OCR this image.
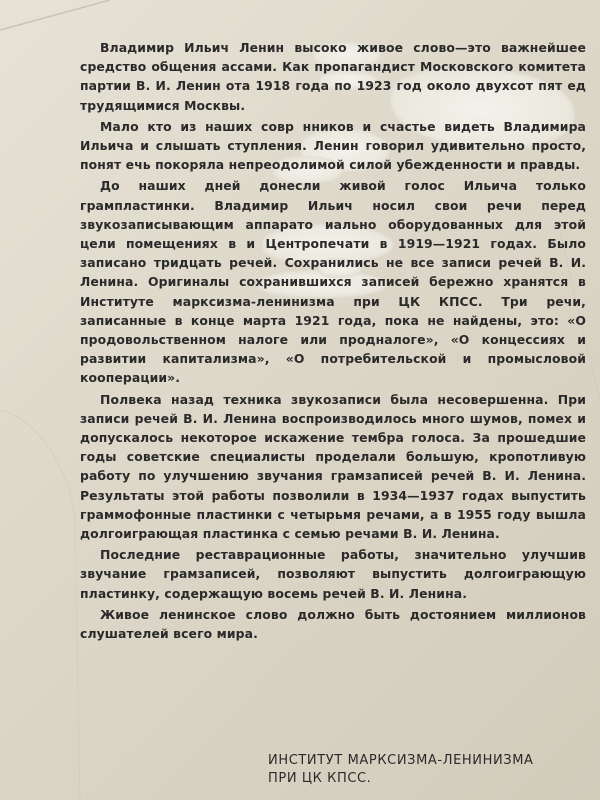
Владимир Ильич Ленин высоко живое слово—это важнейшее средство общения ассами. Как пропагандист Московского комитета партии В. И. Ленин ота 1918 года по 1923 год около двухсот пят ед трудящимися Москвы.

Мало кто из наших совр нников и счастье видеть Владимира Ильича и слышать ступления. Ленин говорил удивительно просто, понят ечь покоряла непреодолимой силой убежденности и правды.

До наших дней донесли живой голос Ильича только грампластинки. Владимир Ильич носил свои речи перед звукозаписывающим аппарато иально оборудованных для этой цели помещениях в и Центропечати в 1919—1921 годах. Было записано тридцать речей. Сохранились не все записи речей В. И. Ленина. Оригиналы сохранившихся записей бережно хранятся в Институте марксизма-ленинизма при ЦК КПСС. Три речи, записанные в конце марта 1921 года, пока не найдены, это: «О продовольственном налоге или продналоге», «О концессиях и развитии капитализма», «О потребительской и промысловой кооперации».

Полвека назад техника звукозаписи была несовершенна. При записи речей В. И. Ленина воспроизводилось много шумов, помех и допускалось некоторое искажение тембра голоса. За прошедшие годы советские специалисты проделали большую, кропотливую работу по улучшению звучания грамзаписей речей В. И. Ленина. Результаты этой работы позволили в 1934—1937 годах выпустить граммофонные пластинки с четырьмя речами, а в 1955 году вышла долгоиграющая пластинка с семью речами В. И. Ленина.

Последние реставрационные работы, значительно улучшив звучание грамзаписей, позволяют выпустить долгоиграющую пластинку, содержащую восемь речей В. И. Ленина.

Живое ленинское слово должно быть достоянием миллионов слушателей всего мира.

ИНСТИТУТ МАРКСИЗМА-ЛЕНИНИЗМА
ПРИ ЦК КПСС.
